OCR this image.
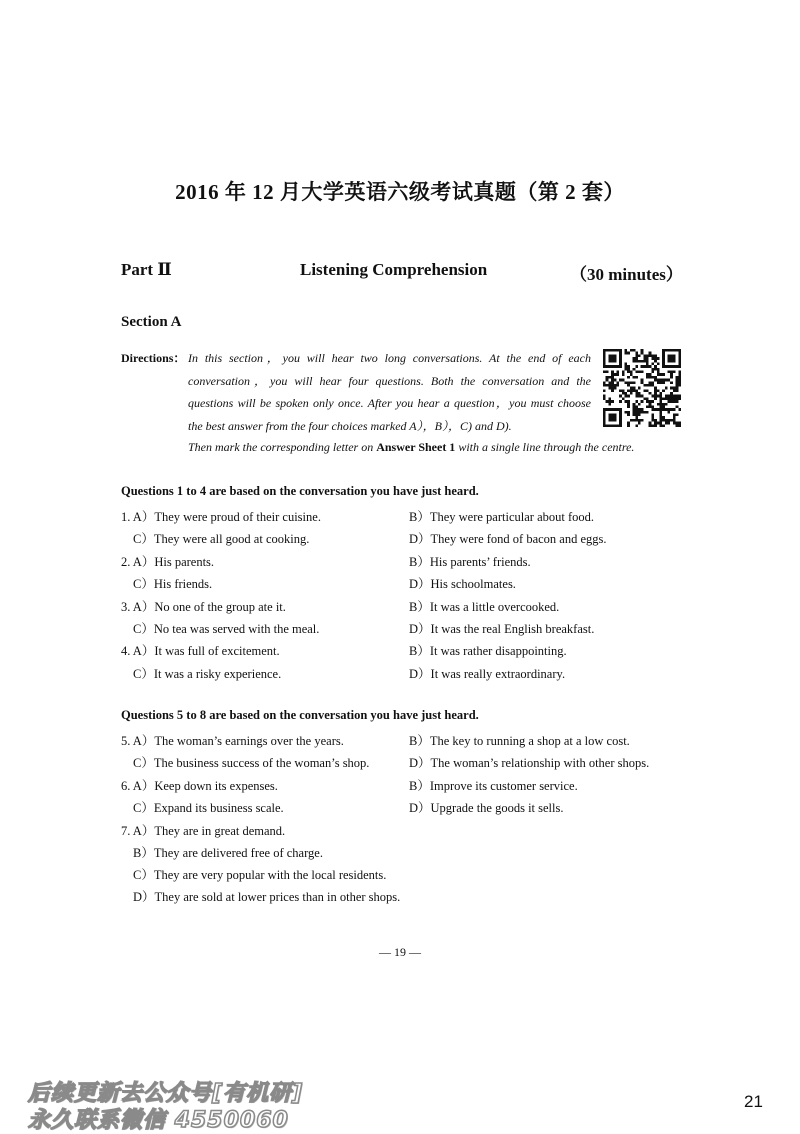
2016 年 12 月大学英语六级考试真题（第 2 套）
Part Ⅱ	Listening Comprehension	（30 minutes）
Section A
Directions： In this section，you will hear two long conversations. At the end of each conversation，you will hear four questions. Both the conversation and the questions will be spoken only once. After you hear a question，you must choose the best answer from the four choices marked A），B），C) and D).
Then mark the corresponding letter on Answer Sheet 1 with a single line through the centre.
Questions 1 to 4 are based on the conversation you have just heard.
1. A）They were proud of their cuisine.	B）They were particular about food.
C）They were all good at cooking.	D）They were fond of bacon and eggs.
2. A）His parents.	B）His parents’ friends.
C）His friends.	D）His schoolmates.
3. A）No one of the group ate it.	B）It was a little overcooked.
C）No tea was served with the meal.	D）It was the real English breakfast.
4. A）It was full of excitement.	B）It was rather disappointing.
C）It was a risky experience.	D）It was really extraordinary.
Questions 5 to 8 are based on the conversation you have just heard.
5. A）The woman’s earnings over the years.	B）The key to running a shop at a low cost.
C）The business success of the woman’s shop.	D）The woman’s relationship with other shops.
6. A）Keep down its expenses.	B）Improve its customer service.
C）Expand its business scale.	D）Upgrade the goods it sells.
7. A）They are in great demand.
B）They are delivered free of charge.
C）They are very popular with the local residents.
D）They are sold at lower prices than in other shops.
— 19 —
后续更新去公众号[有机研]
永久联系微信 4550060
21
